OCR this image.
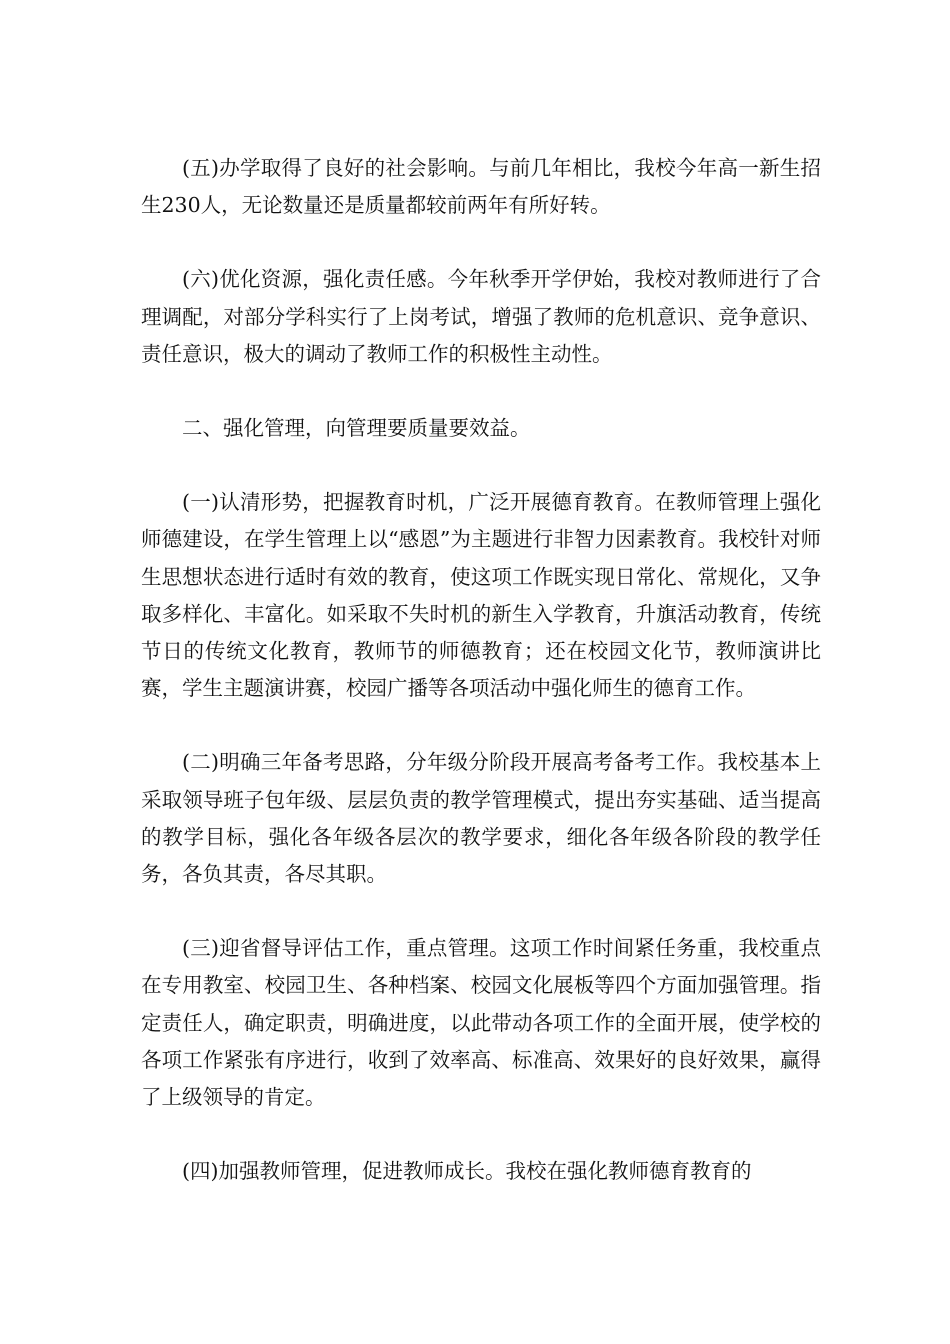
(五)办学取得了良好的社会影响。与前几年相比，我校今年高一新生招生230人，无论数量还是质量都较前两年有所好转。

(六)优化资源，强化责任感。今年秋季开学伊始，我校对教师进行了合理调配，对部分学科实行了上岗考试，增强了教师的危机意识、竞争意识、责任意识，极大的调动了教师工作的积极性主动性。

二、强化管理，向管理要质量要效益。

(一)认清形势，把握教育时机，广泛开展德育教育。在教师管理上强化师德建设，在学生管理上以“感恩”为主题进行非智力因素教育。我校针对师生思想状态进行适时有效的教育，使这项工作既实现日常化、常规化，又争取多样化、丰富化。如采取不失时机的新生入学教育，升旗活动教育，传统节日的传统文化教育，教师节的师德教育；还在校园文化节，教师演讲比赛，学生主题演讲赛，校园广播等各项活动中强化师生的德育工作。

(二)明确三年备考思路，分年级分阶段开展高考备考工作。我校基本上采取领导班子包年级、层层负责的教学管理模式，提出夯实基础、适当提高的教学目标，强化各年级各层次的教学要求，细化各年级各阶段的教学任务，各负其责，各尽其职。

(三)迎省督导评估工作，重点管理。这项工作时间紧任务重，我校重点在专用教室、校园卫生、各种档案、校园文化展板等四个方面加强管理。指定责任人，确定职责，明确进度，以此带动各项工作的全面开展，使学校的各项工作紧张有序进行，收到了效率高、标准高、效果好的良好效果，赢得了上级领导的肯定。

(四)加强教师管理，促进教师成长。我校在强化教师德育教育的
